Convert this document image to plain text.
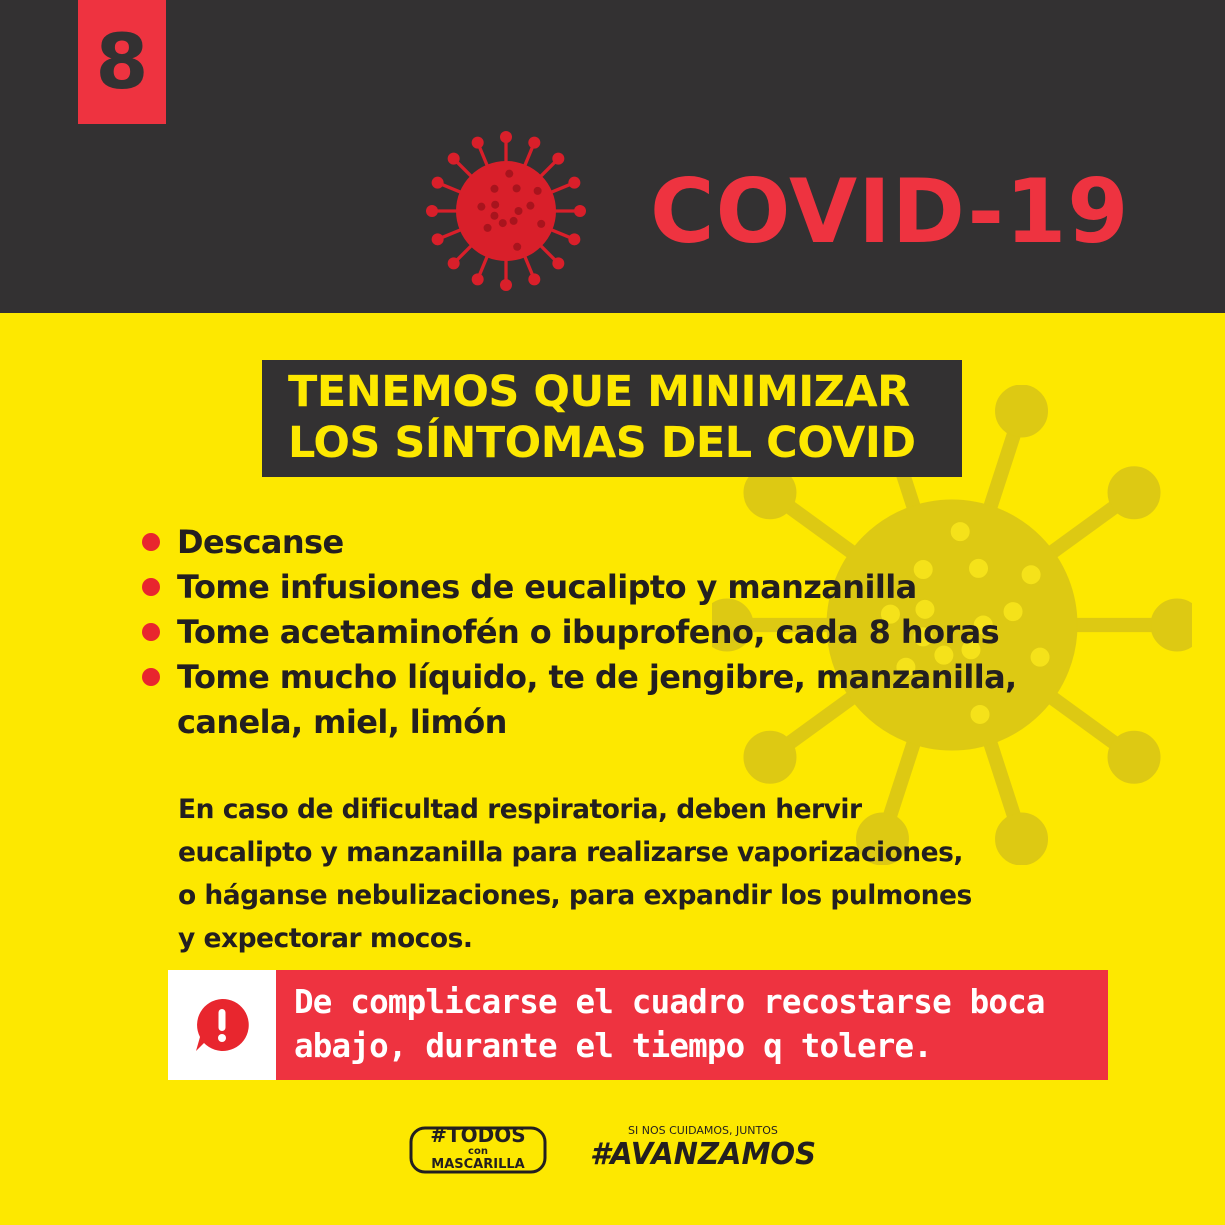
8
COVID-19
TENEMOS QUE MINIMIZAR
LOS SÍNTOMAS DEL COVID
Descanse
Tome infusiones de eucalipto y manzanilla
Tome acetaminofén o ibuprofeno, cada 8 horas
Tome mucho líquido, te de jengibre, manzanilla, canela, miel, limón
En caso de dificultad respiratoria, deben hervir
eucalipto y manzanilla para realizarse vaporizaciones,
o háganse nebulizaciones, para expandir los pulmones
y expectorar mocos.
De complicarse el cuadro recostarse boca
abajo, durante el tiempo q tolere.
#TODOS
con
MASCARILLA
SI NOS CUIDAMOS, JUNTOS
#AVANZAMOS
